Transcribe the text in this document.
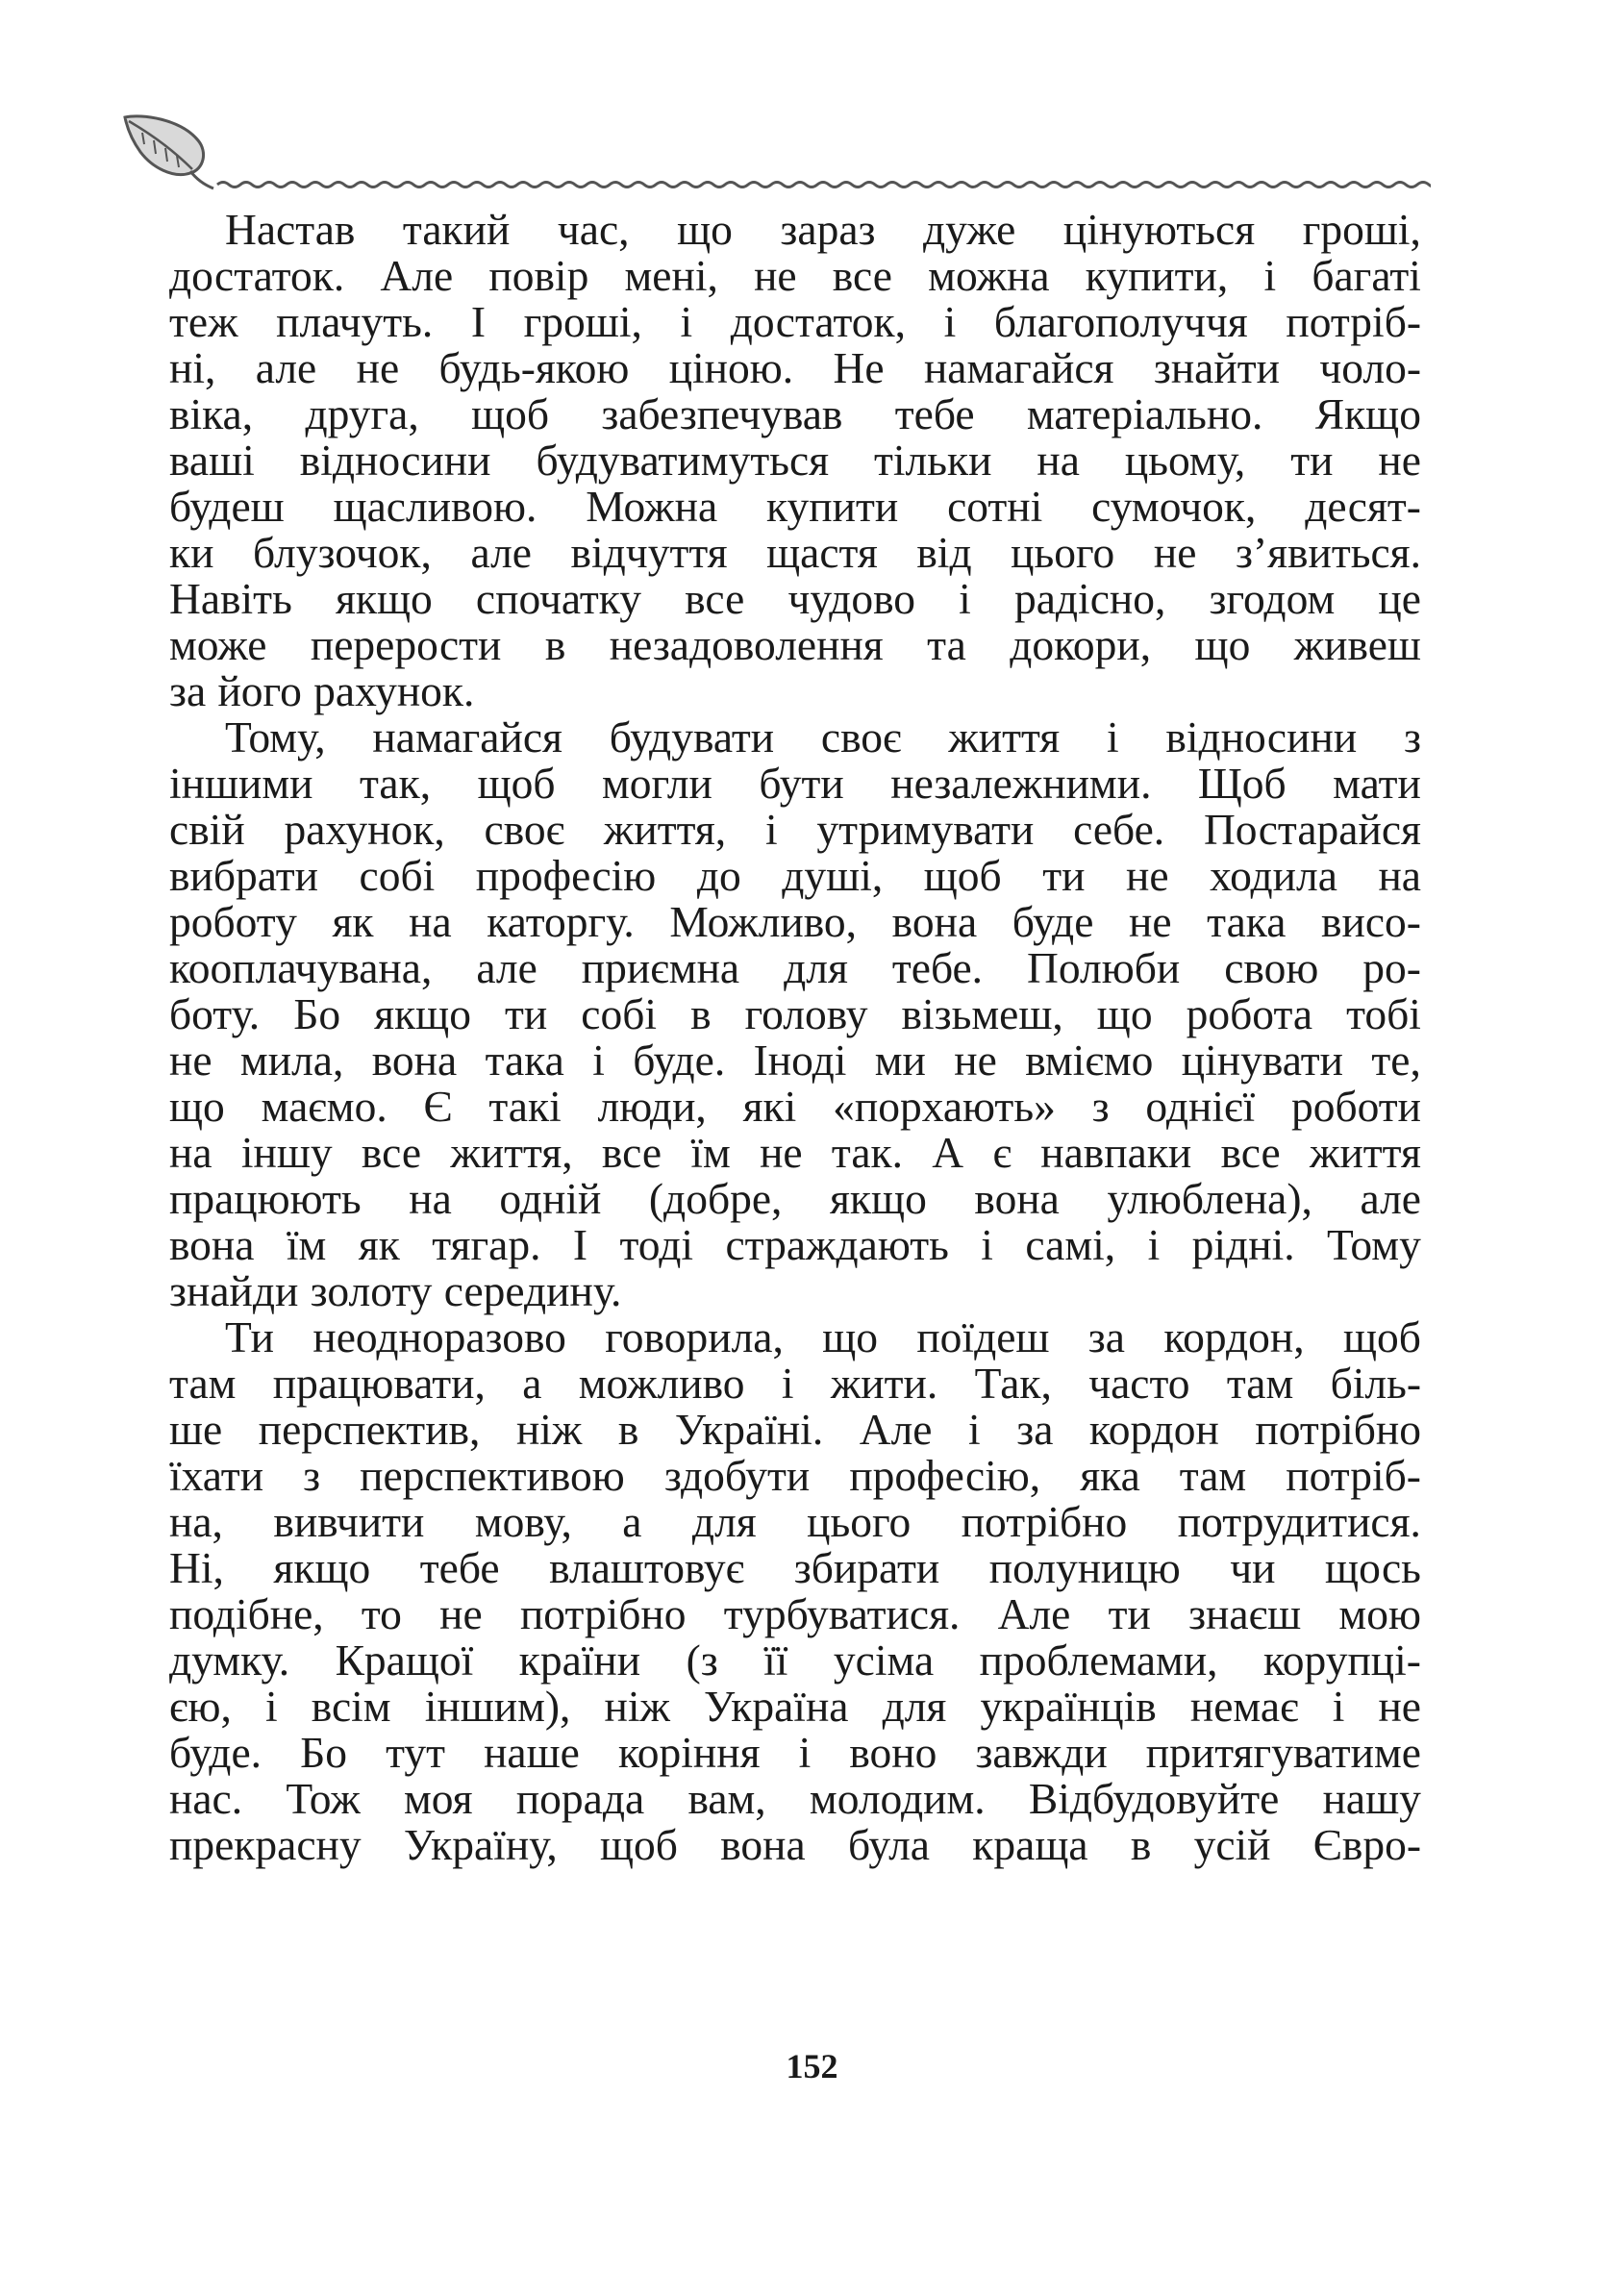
Настав такий час, що зараз дуже цінуються гроші,
достаток. Але повір мені, не все можна купити, і багаті
теж плачуть. І гроші, і достаток, і благополуччя потріб-
ні, але не будь-якою ціною. Не намагайся знайти чоло-
віка, друга, щоб забезпечував тебе матеріально. Якщо
ваші відносини будуватимуться тільки на цьому, ти не
будеш щасливою. Можна купити сотні сумочок, десят-
ки блузочок, але відчуття щастя від цього не з’явиться.
Навіть якщо спочатку все чудово і радісно, згодом це
може перерости в незадоволення та докори, що живеш
за його рахунок.
Тому, намагайся будувати своє життя і відносини з
іншими так, щоб могли бути незалежними. Щоб мати
свій рахунок, своє життя, і утримувати себе. Постарайся
вибрати собі професію до душі, щоб ти не ходила на
роботу як на каторгу. Можливо, вона буде не така висо-
кооплачувана, але приємна для тебе. Полюби свою ро-
боту. Бо якщо ти собі в голову візьмеш, що робота тобі
не мила, вона така і буде. Іноді ми не вміємо цінувати те,
що маємо. Є такі люди, які «порхають» з однієї роботи
на іншу все життя, все їм не так. А є навпаки все життя
працюють на одній (добре, якщо вона улюблена), але
вона їм як тягар. І тоді страждають і самі, і рідні. Тому
знайди золоту середину.
Ти неодноразово говорила, що поїдеш за кордон, щоб
там працювати, а можливо і жити. Так, часто там біль-
ше перспектив, ніж в Україні. Але і за кордон потрібно
їхати з перспективою здобути професію, яка там потріб-
на, вивчити мову, а для цього потрібно потрудитися.
Ні, якщо тебе влаштовує збирати полуницю чи щось
подібне, то не потрібно турбуватися. Але ти знаєш мою
думку. Кращої країни (з її усіма проблемами, корупці-
єю, і всім іншим), ніж Україна для українців немає і не
буде. Бо тут наше коріння і воно завжди притягуватиме
нас. Тож моя порада вам, молодим. Відбудовуйте нашу
прекрасну Україну, щоб вона була краща в усій Євро-
152
